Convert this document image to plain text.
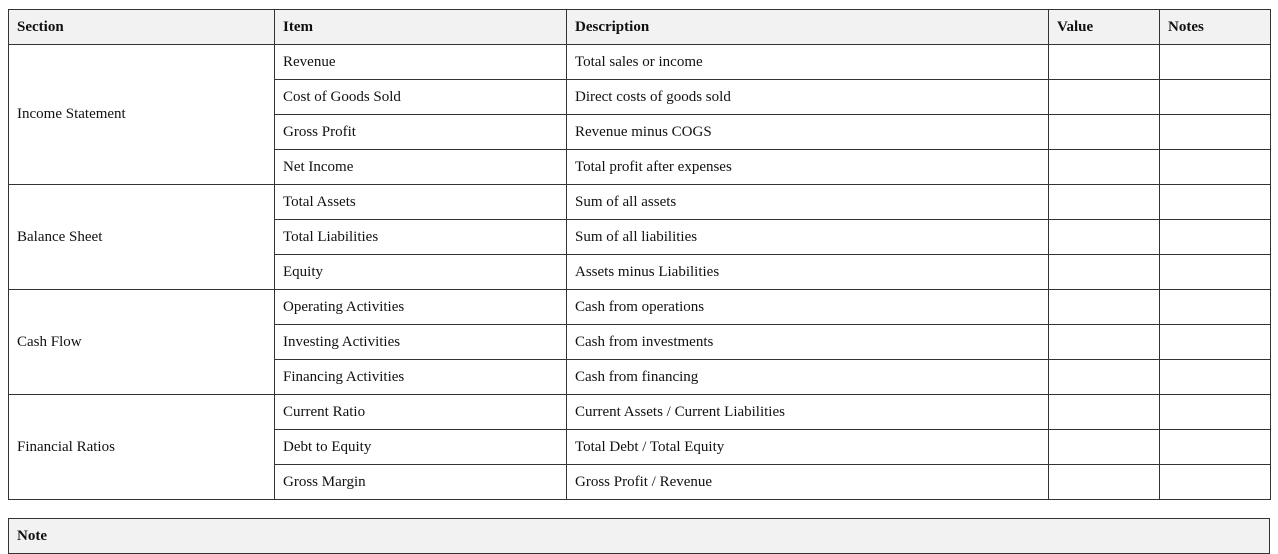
Section	Item	Description	Value	Notes
Income Statement	Revenue	Total sales or income		
	Cost of Goods Sold	Direct costs of goods sold		
	Gross Profit	Revenue minus COGS		
	Net Income	Total profit after expenses		
Balance Sheet	Total Assets	Sum of all assets		
	Total Liabilities	Sum of all liabilities		
	Equity	Assets minus Liabilities		
Cash Flow	Operating Activities	Cash from operations		
	Investing Activities	Cash from investments		
	Financing Activities	Cash from financing		
Financial Ratios	Current Ratio	Current Assets / Current Liabilities		
	Debt to Equity	Total Debt / Total Equity		
	Gross Margin	Gross Profit / Revenue		
Note
